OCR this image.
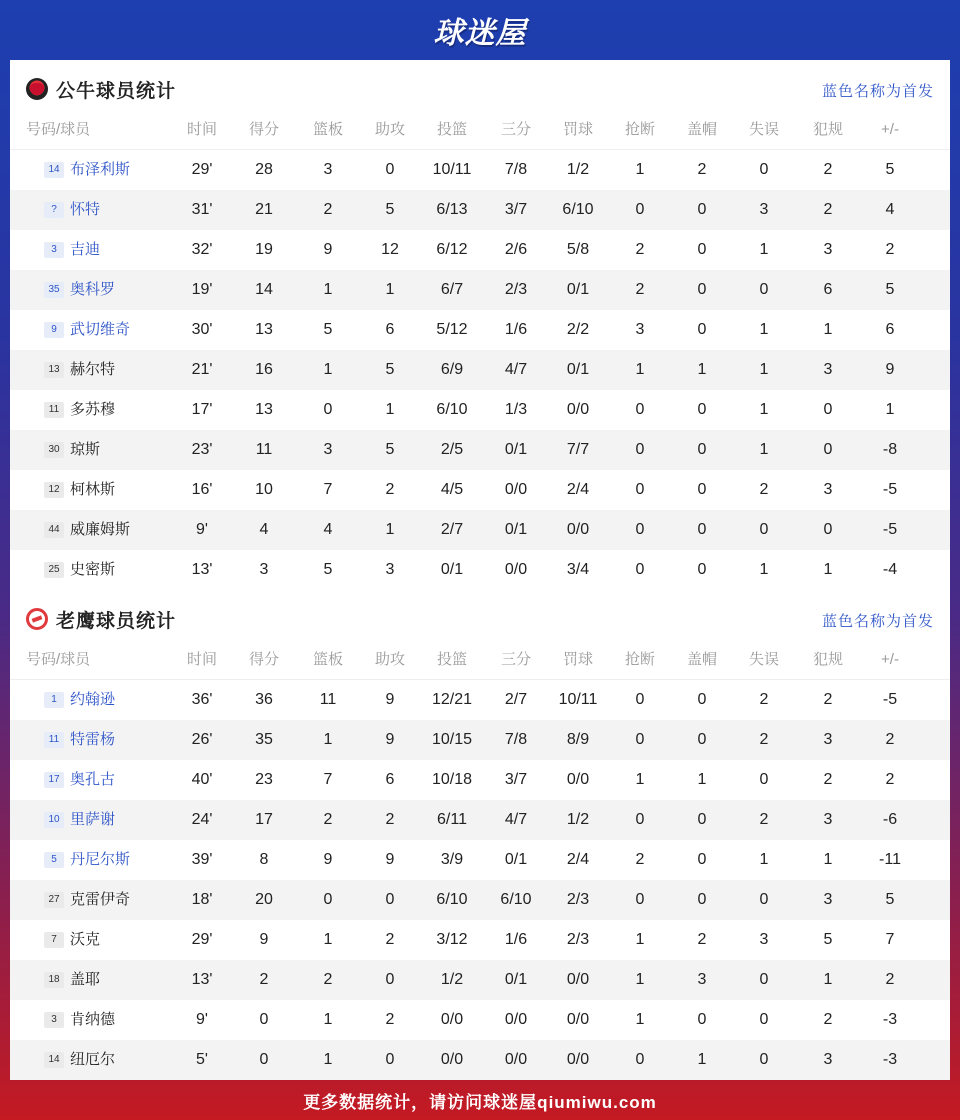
球迷屋
公牛球员统计	蓝色名称为首发
号码/球员	时间	得分	篮板	助攻	投篮	三分	罚球	抢断	盖帽	失误	犯规	+/-
14 布泽利斯	29'	28	3	0	10/11	7/8	1/2	1	2	0	2	5
? 怀特	31'	21	2	5	6/13	3/7	6/10	0	0	3	2	4
3 吉迪	32'	19	9	12	6/12	2/6	5/8	2	0	1	3	2
35 奥科罗	19'	14	1	1	6/7	2/3	0/1	2	0	0	6	5
9 武切维奇	30'	13	5	6	5/12	1/6	2/2	3	0	1	1	6
13 赫尔特	21'	16	1	5	6/9	4/7	0/1	1	1	1	3	9
11 多苏穆	17'	13	0	1	6/10	1/3	0/0	0	0	1	0	1
30 琼斯	23'	11	3	5	2/5	0/1	7/7	0	0	1	0	-8
12 柯林斯	16'	10	7	2	4/5	0/0	2/4	0	0	2	3	-5
44 威廉姆斯	9'	4	4	1	2/7	0/1	0/0	0	0	0	0	-5
25 史密斯	13'	3	5	3	0/1	0/0	3/4	0	0	1	1	-4
老鹰球员统计	蓝色名称为首发
号码/球员	时间	得分	篮板	助攻	投篮	三分	罚球	抢断	盖帽	失误	犯规	+/-
1 约翰逊	36'	36	11	9	12/21	2/7	10/11	0	0	2	2	-5
11 特雷杨	26'	35	1	9	10/15	7/8	8/9	0	0	2	3	2
17 奥孔古	40'	23	7	6	10/18	3/7	0/0	1	1	0	2	2
10 里萨谢	24'	17	2	2	6/11	4/7	1/2	0	0	2	3	-6
5 丹尼尔斯	39'	8	9	9	3/9	0/1	2/4	2	0	1	1	-11
27 克雷伊奇	18'	20	0	0	6/10	6/10	2/3	0	0	0	3	5
7 沃克	29'	9	1	2	3/12	1/6	2/3	1	2	3	5	7
18 盖耶	13'	2	2	0	1/2	0/1	0/0	1	3	0	1	2
3 肯纳德	9'	0	1	2	0/0	0/0	0/0	1	0	0	2	-3
14 纽厄尔	5'	0	1	0	0/0	0/0	0/0	0	1	0	3	-3
更多数据统计，请访问球迷屋qiumiwu.com
